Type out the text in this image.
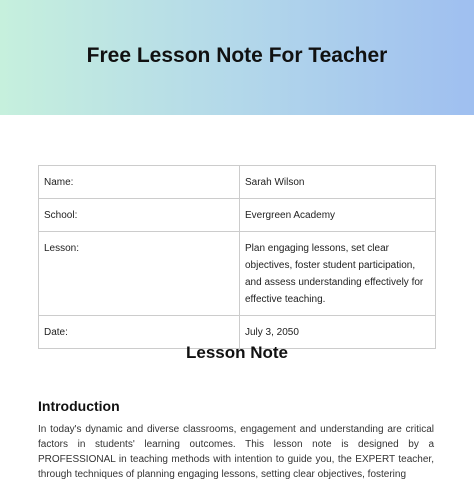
Free Lesson Note For Teacher
Name:	Sarah Wilson
School:	Evergreen Academy
Lesson:	Plan engaging lessons, set clear objectives, foster student participation, and assess understanding effectively for effective teaching.
Date:	July 3, 2050
Lesson Note
Introduction
In today's dynamic and diverse classrooms, engagement and understanding are critical factors in students' learning outcomes. This lesson note is designed by a PROFESSIONAL in teaching methods with intention to guide you, the EXPERT teacher, through techniques of planning engaging lessons, setting clear objectives, fostering
